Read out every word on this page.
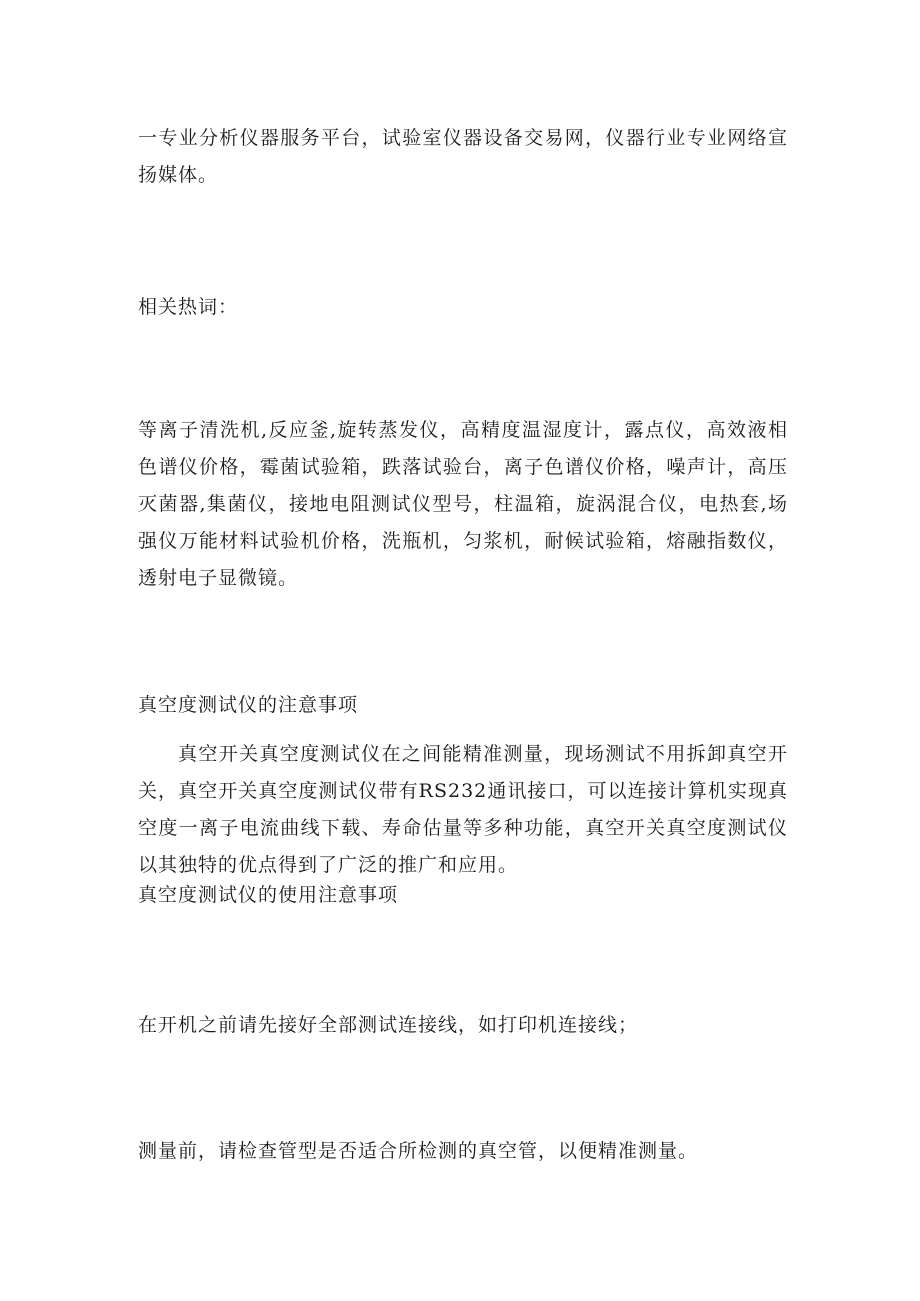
一专业分析仪器服务平台，试验室仪器设备交易网，仪器行业专业网络宣扬媒体。

相关热词：

等离子清洗机,反应釜,旋转蒸发仪，高精度温湿度计，露点仪，高效液相色谱仪价格，霉菌试验箱，跌落试验台，离子色谱仪价格，噪声计，高压灭菌器,集菌仪，接地电阻测试仪型号，柱温箱，旋涡混合仪，电热套,场强仪万能材料试验机价格，洗瓶机，匀浆机，耐候试验箱，熔融指数仪，透射电子显微镜。

真空度测试仪的注意事项

真空开关真空度测试仪在之间能精准测量，现场测试不用拆卸真空开关，真空开关真空度测试仪带有RS232通讯接口，可以连接计算机实现真空度一离子电流曲线下载、寿命估量等多种功能，真空开关真空度测试仪以其独特的优点得到了广泛的推广和应用。

真空度测试仪的使用注意事项

在开机之前请先接好全部测试连接线，如打印机连接线；

测量前，请检查管型是否适合所检测的真空管，以便精准测量。
